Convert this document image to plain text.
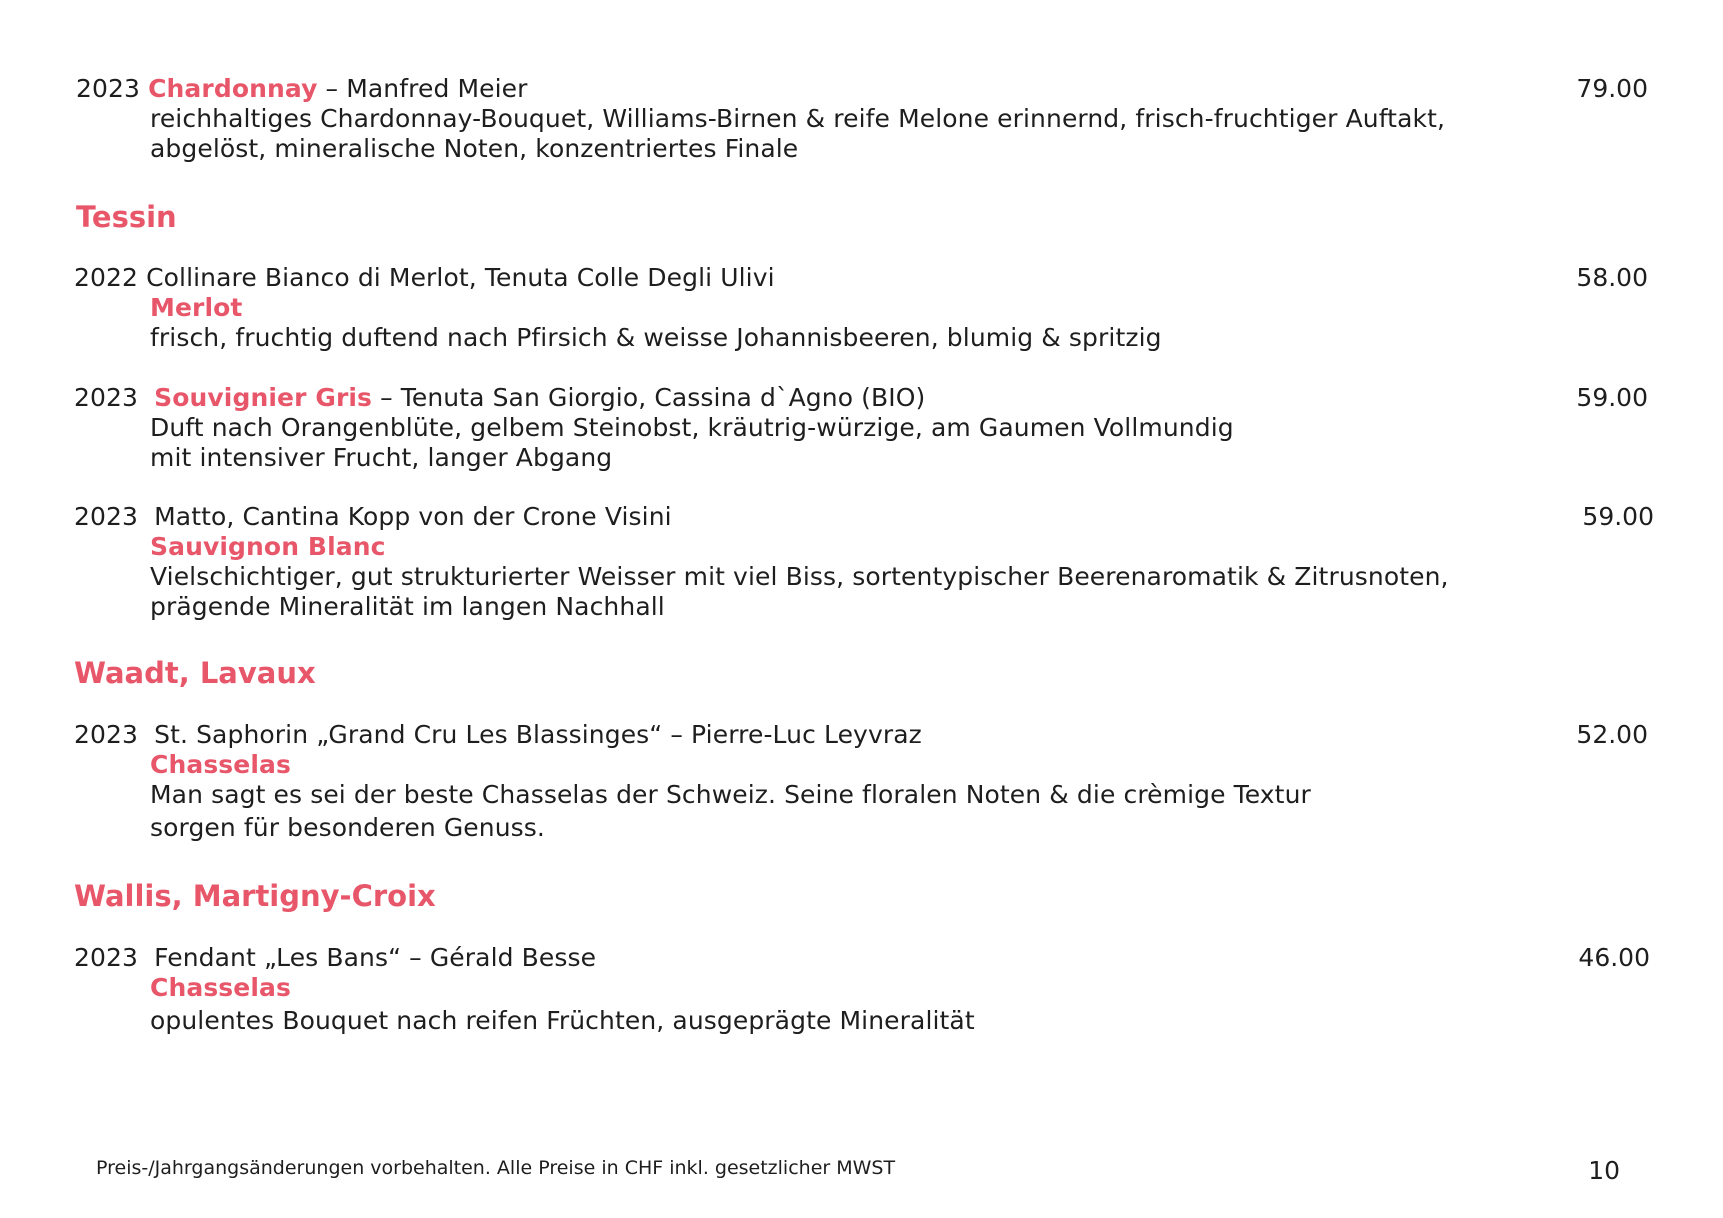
2023 Chardonnay – Manfred Meier	79.00
reichhaltiges Chardonnay-Bouquet, Williams-Birnen & reife Melone erinnernd, frisch-fruchtiger Auftakt,
abgelöst, mineralische Noten, konzentriertes Finale
Tessin
2022 Collinare Bianco di Merlot, Tenuta Colle Degli Ulivi	58.00
Merlot
frisch, fruchtig duftend nach Pfirsich & weisse Johannisbeeren, blumig & spritzig
2023 Souvignier Gris – Tenuta San Giorgio, Cassina d`Agno (BIO)	59.00
Duft nach Orangenblüte, gelbem Steinobst, kräutrig-würzige, am Gaumen Vollmundig
mit intensiver Frucht, langer Abgang
2023 Matto, Cantina Kopp von der Crone Visini	59.00
Sauvignon Blanc
Vielschichtiger, gut strukturierter Weisser mit viel Biss, sortentypischer Beerenaromatik & Zitrusnoten,
prägende Mineralität im langen Nachhall
Waadt, Lavaux
2023 St. Saphorin „Grand Cru Les Blassinges“ – Pierre-Luc Leyvraz	52.00
Chasselas
Man sagt es sei der beste Chasselas der Schweiz. Seine floralen Noten & die crèmige Textur
sorgen für besonderen Genuss.
Wallis, Martigny-Croix
2023 Fendant „Les Bans“ – Gérald Besse	46.00
Chasselas
opulentes Bouquet nach reifen Früchten, ausgeprägte Mineralität
Preis-/Jahrgangsänderungen vorbehalten. Alle Preise in CHF inkl. gesetzlicher MWST	10
